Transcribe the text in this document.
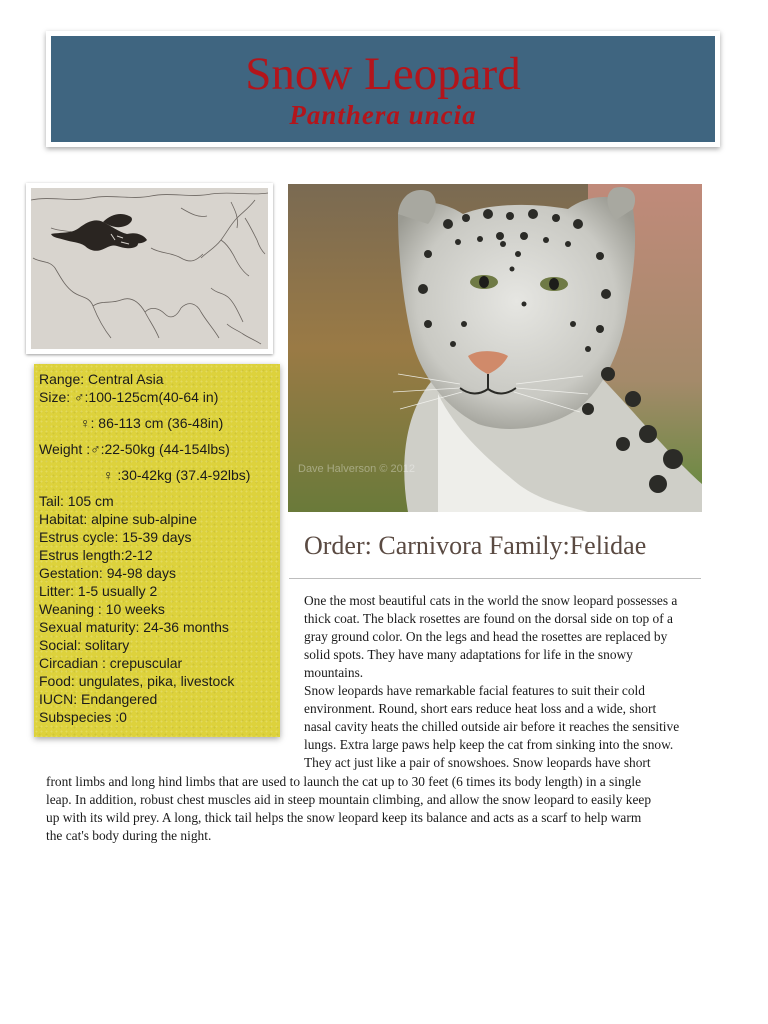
Snow Leopard
Panthera uncia
Range: Central Asia
Size: ♂:100-125cm(40-64 in)
♀: 86-113 cm (36-48in)
Weight :♂:22-50kg (44-154lbs)
♀ :30-42kg (37.4-92lbs)
Tail: 105 cm
Habitat: alpine sub-alpine
Estrus cycle: 15-39 days
Estrus length:2-12
Gestation: 94-98 days
Litter: 1-5 usually 2
Weaning : 10 weeks
Sexual maturity: 24-36 months
Social: solitary
Circadian : crepuscular
Food: ungulates, pika, livestock
IUCN: Endangered
Subspecies :0
Dave Halverson © 2012
Order: Carnivora Family:Felidae
One the most beautiful cats in the world the snow leopard possesses a
thick coat. The black rosettes are found on the dorsal side on top of a
gray ground color. On the legs and head the rosettes are replaced by
solid spots. They have many adaptations for life in the snowy
mountains.
Snow leopards have remarkable facial features to suit their cold
environment. Round, short ears reduce heat loss and a wide, short
nasal cavity heats the chilled outside air before it reaches the sensitive
lungs. Extra large paws help keep the cat from sinking into the snow.
They act just like a pair of snowshoes. Snow leopards have short
front limbs and long hind limbs that are used to launch the cat up to 30 feet (6 times its body length) in a single
leap. In addition, robust chest muscles aid in steep mountain climbing, and allow the snow leopard to easily keep
up with its wild prey. A long, thick tail helps the snow leopard keep its balance and acts as a scarf to help warm
the cat's body during the night.
